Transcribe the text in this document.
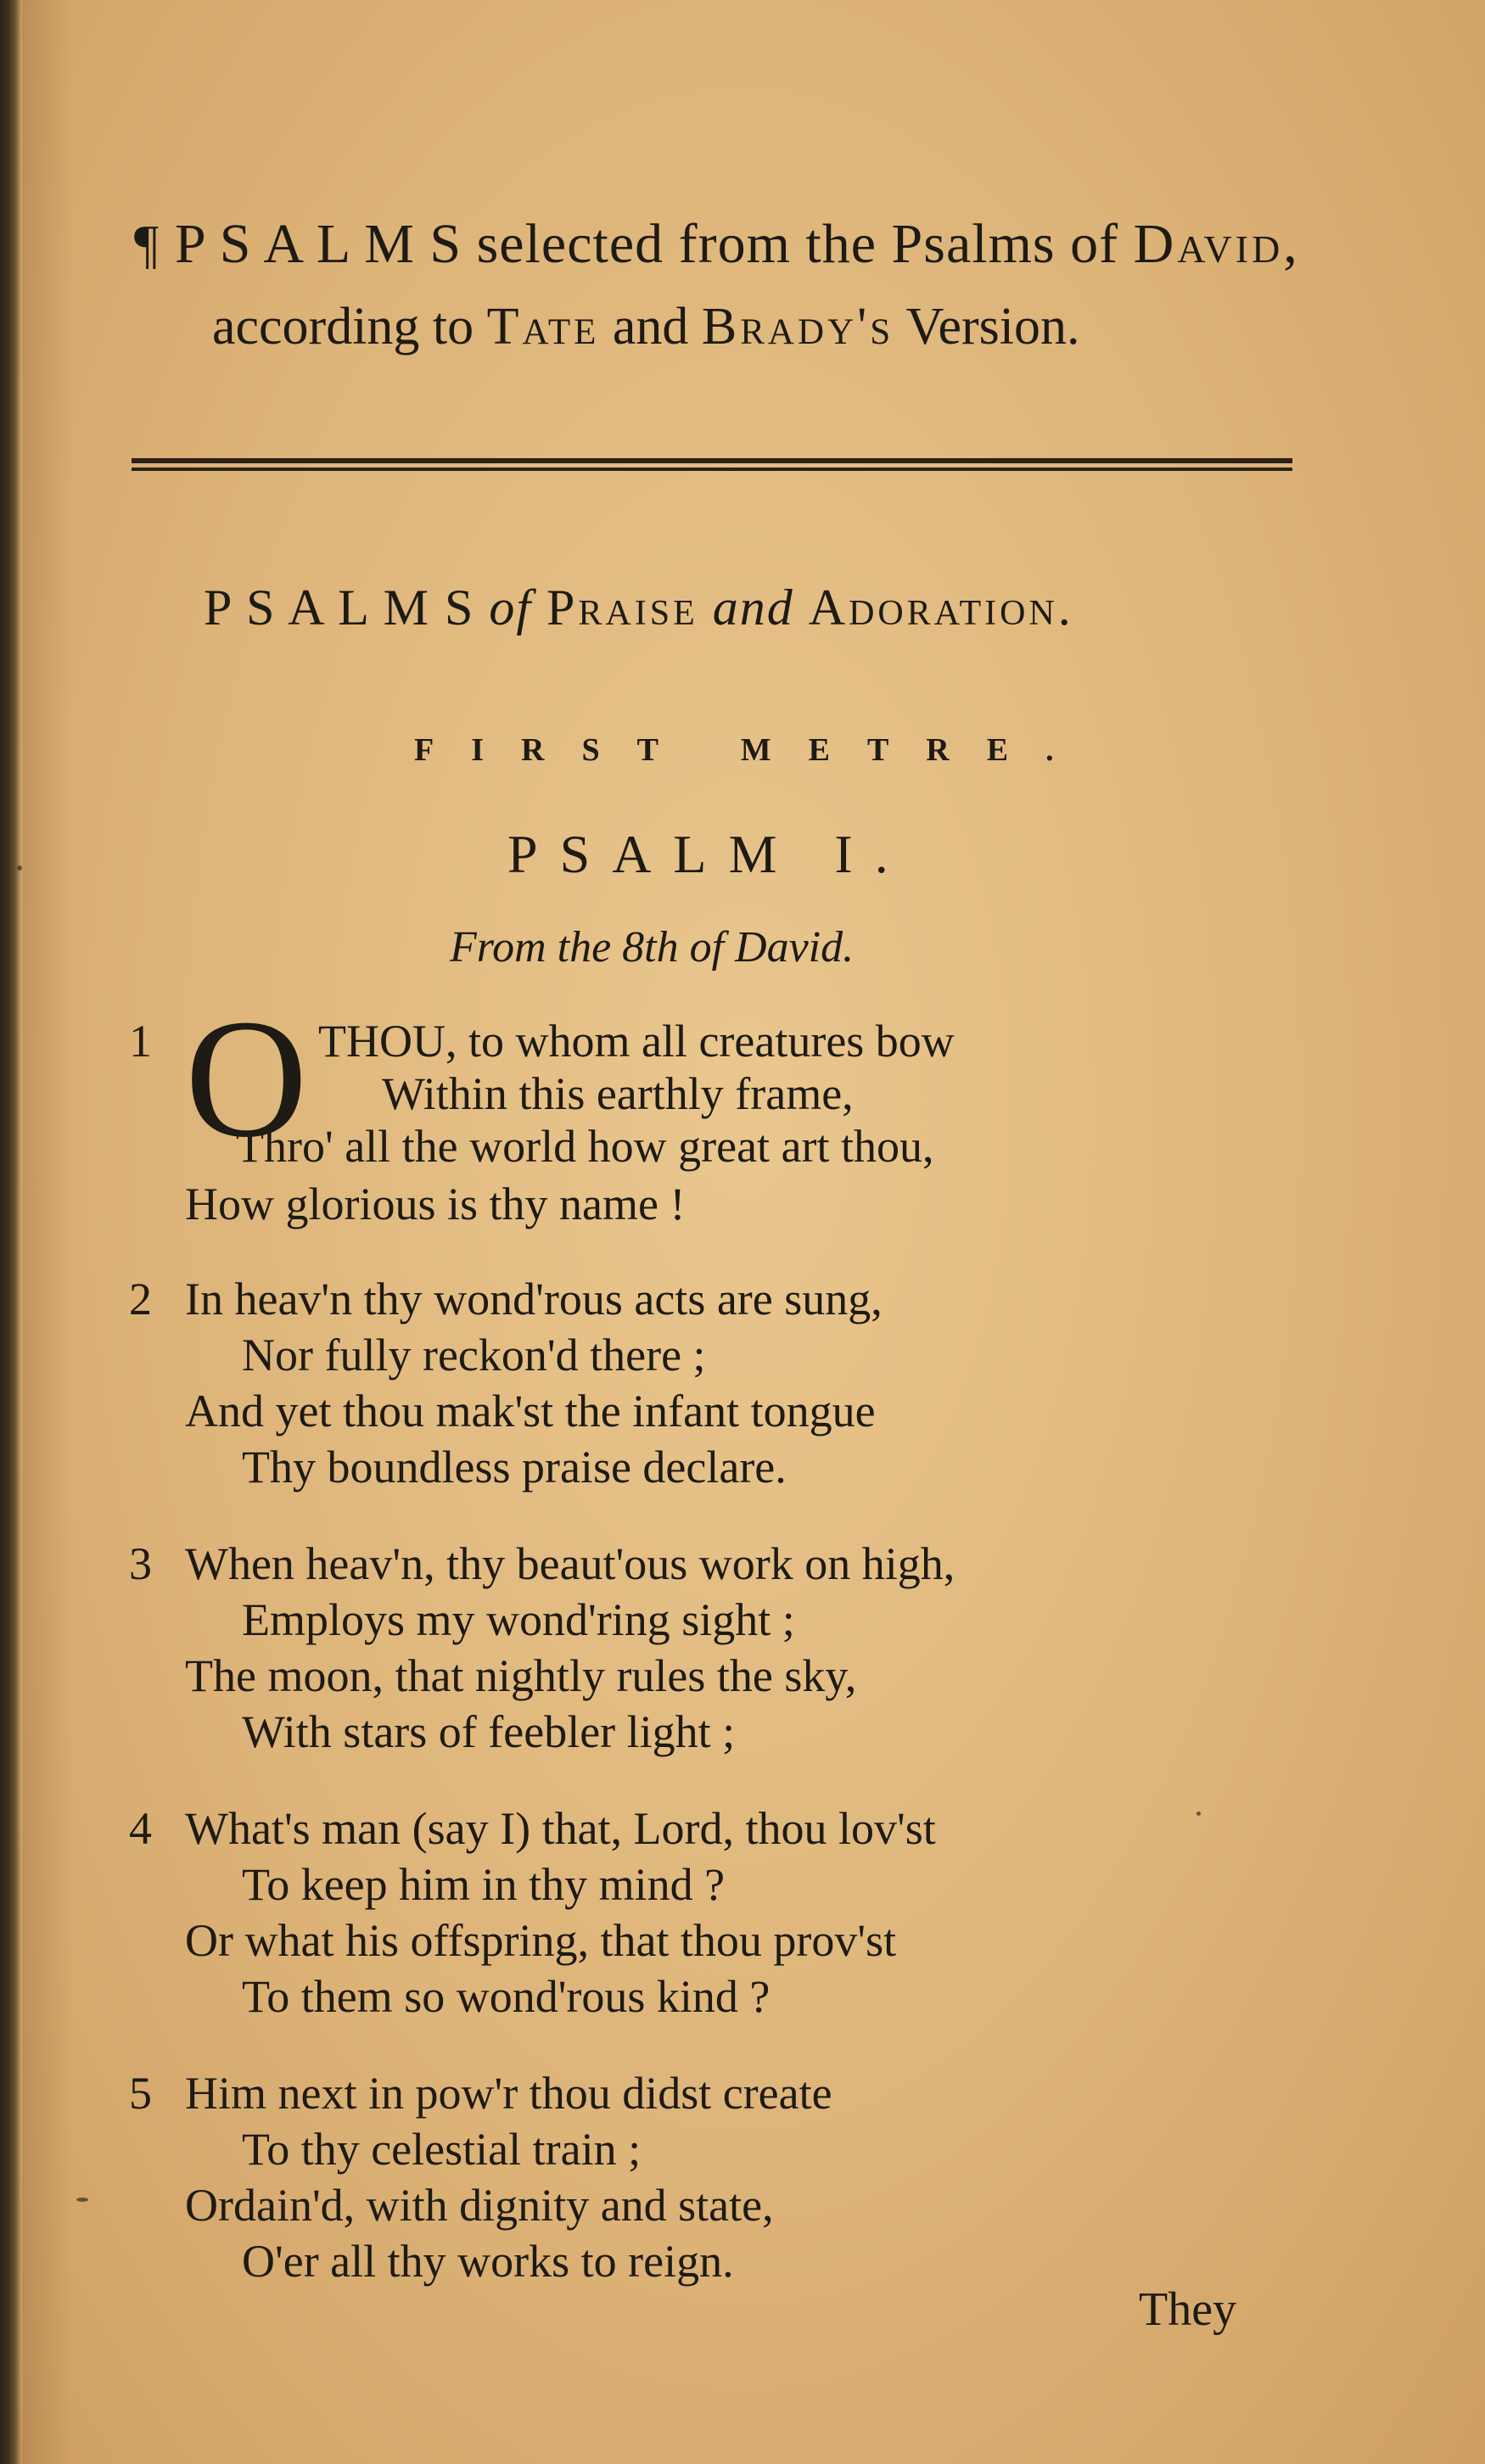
¶ P S A L M S selected from the Psalms of David,
according to Tate and Brady's Version.
P S A L M S of Praise and Adoration.
FIRST METRE.
PSALM I.
From the 8th of David.
1 O THOU, to whom all creatures bow
Within this earthly frame,
Thro' all the world how great art thou,
How glorious is thy name !
2 In heav'n thy wond'rous acts are sung,
Nor fully reckon'd there ;
And yet thou mak'st the infant tongue
Thy boundless praise declare.
3 When heav'n, thy beaut'ous work on high,
Employs my wond'ring sight ;
The moon, that nightly rules the sky,
With stars of feebler light ;
4 What's man (say I) that, Lord, thou lov'st
To keep him in thy mind ?
Or what his offspring, that thou prov'st
To them so wond'rous kind ?
5 Him next in pow'r thou didst create
To thy celestial train ;
Ordain'd, with dignity and state,
O'er all thy works to reign.
They
